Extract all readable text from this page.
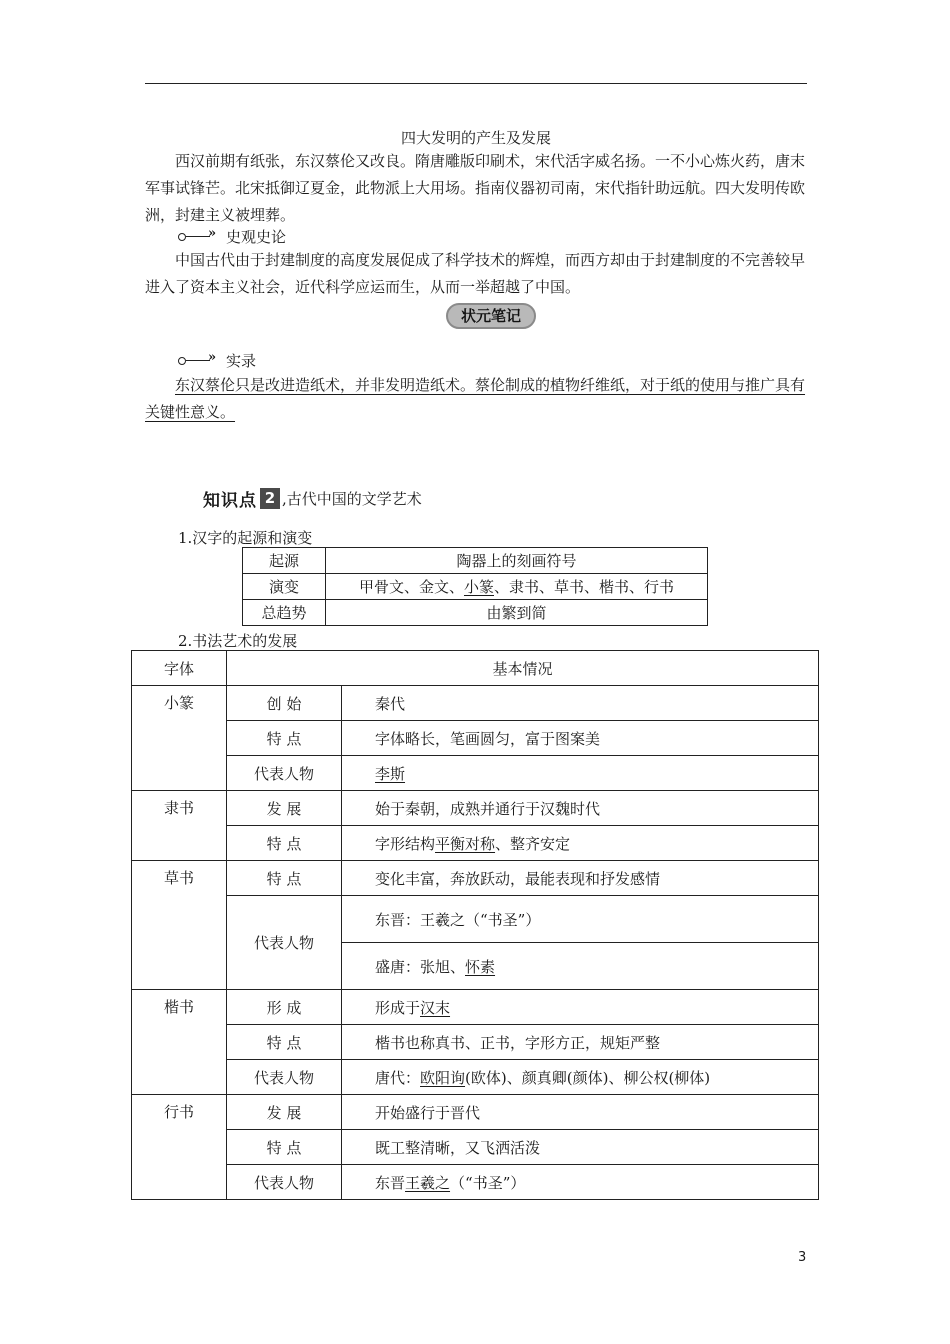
四大发明的产生及发展
西汉前期有纸张，东汉蔡伦又改良。隋唐雕版印刷术，宋代活字威名扬。一不小心炼火药，唐末军事试锋芒。北宋抵御辽夏金，此物派上大用场。指南仪器初司南，宋代指针助远航。四大发明传欧洲，封建主义被埋葬。
» 史观史论
中国古代由于封建制度的高度发展促成了科学技术的辉煌，而西方却由于封建制度的不完善较早进入了资本主义社会，近代科学应运而生，从而一举超越了中国。
状元笔记
» 实录
东汉蔡伦只是改进造纸术，并非发明造纸术。蔡伦制成的植物纤维纸，对于纸的使用与推广具有关键性意义。
知识点 2 ,古代中国的文学艺术
1.汉字的起源和演变
起源	陶器上的刻画符号
演变	甲骨文、金文、小篆、隶书、草书、楷书、行书
总趋势	由繁到简
2.书法艺术的发展
字体	基本情况	
小篆	创 始	秦代
	特 点	字体略长，笔画圆匀，富于图案美
	代表人物	李斯
隶书	发 展	始于秦朝，成熟并通行于汉魏时代
	特 点	字形结构平衡对称、整齐安定
草书	特 点	变化丰富，奔放跃动，最能表现和抒发感情
	代表人物	东晋：王羲之（“书圣”）
		盛唐：张旭、怀素
楷书	形 成	形成于汉末
	特 点	楷书也称真书、正书，字形方正，规矩严整
	代表人物	唐代：欧阳询(欧体)、颜真卿(颜体)、柳公权(柳体)
行书	发 展	开始盛行于晋代
	特 点	既工整清晰，又飞洒活泼
	代表人物	东晋王羲之（“书圣”）
3
